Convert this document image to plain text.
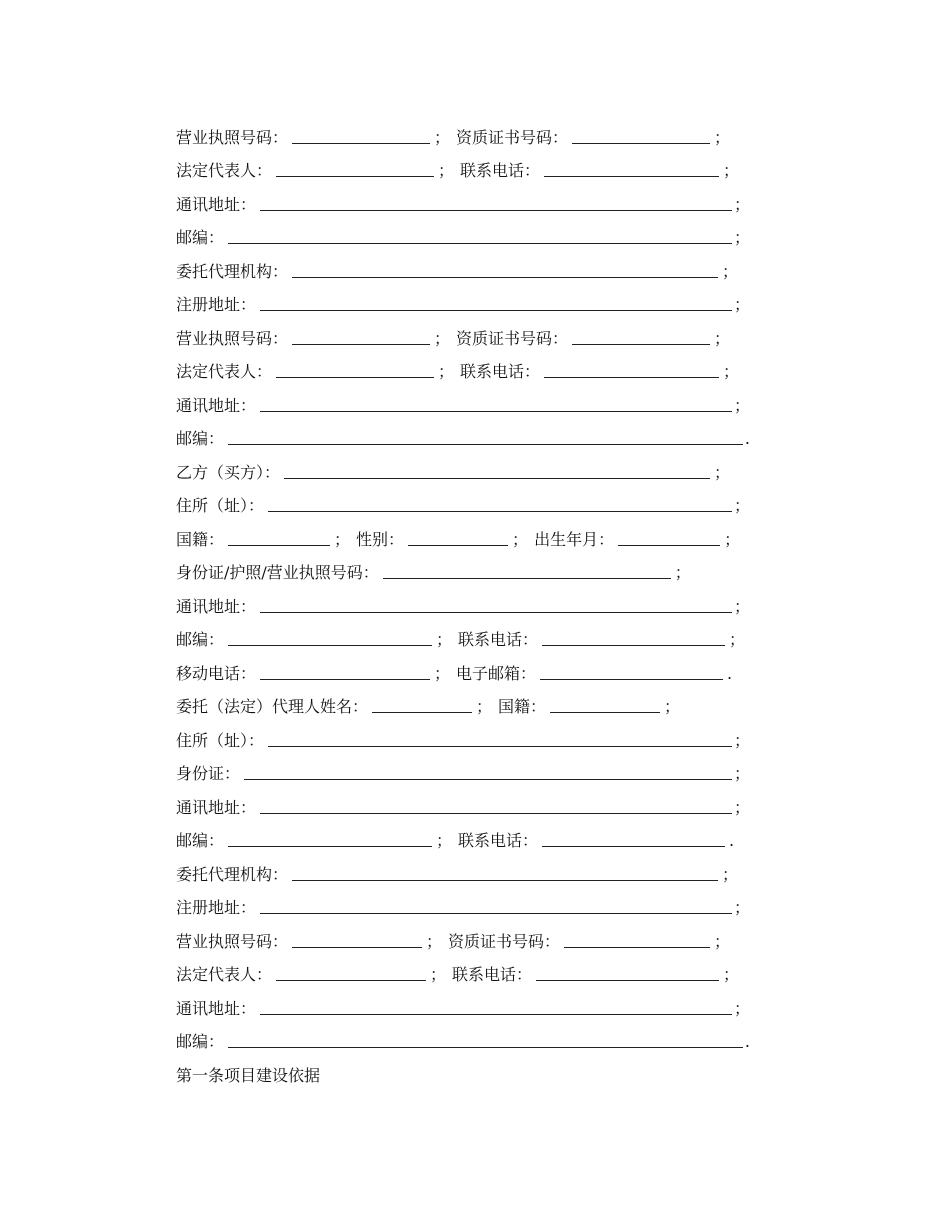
营业执照号码：	； 资质证书号码：	；
法定代表人：	； 联系电话：	；
通讯地址：	；
邮编：	；
委托代理机构：	；
注册地址：	；
营业执照号码：	； 资质证书号码：	；
法定代表人：	； 联系电话：	；
通讯地址：	；
邮编：	.
乙方（买方）：	；
住所（址）：	；
国籍：	； 性别：	； 出生年月：	；
身份证/护照/营业执照号码：	；
通讯地址：	；
邮编：	； 联系电话：	；
移动电话：	； 电子邮箱：	.
委托（法定）代理人姓名：	； 国籍：	；
住所（址）：	；
身份证：	；
通讯地址：	；
邮编：	； 联系电话：	.
委托代理机构：	；
注册地址：	；
营业执照号码：	； 资质证书号码：	；
法定代表人：	； 联系电话：	；
通讯地址：	；
邮编：	.
第一条项目建设依据
